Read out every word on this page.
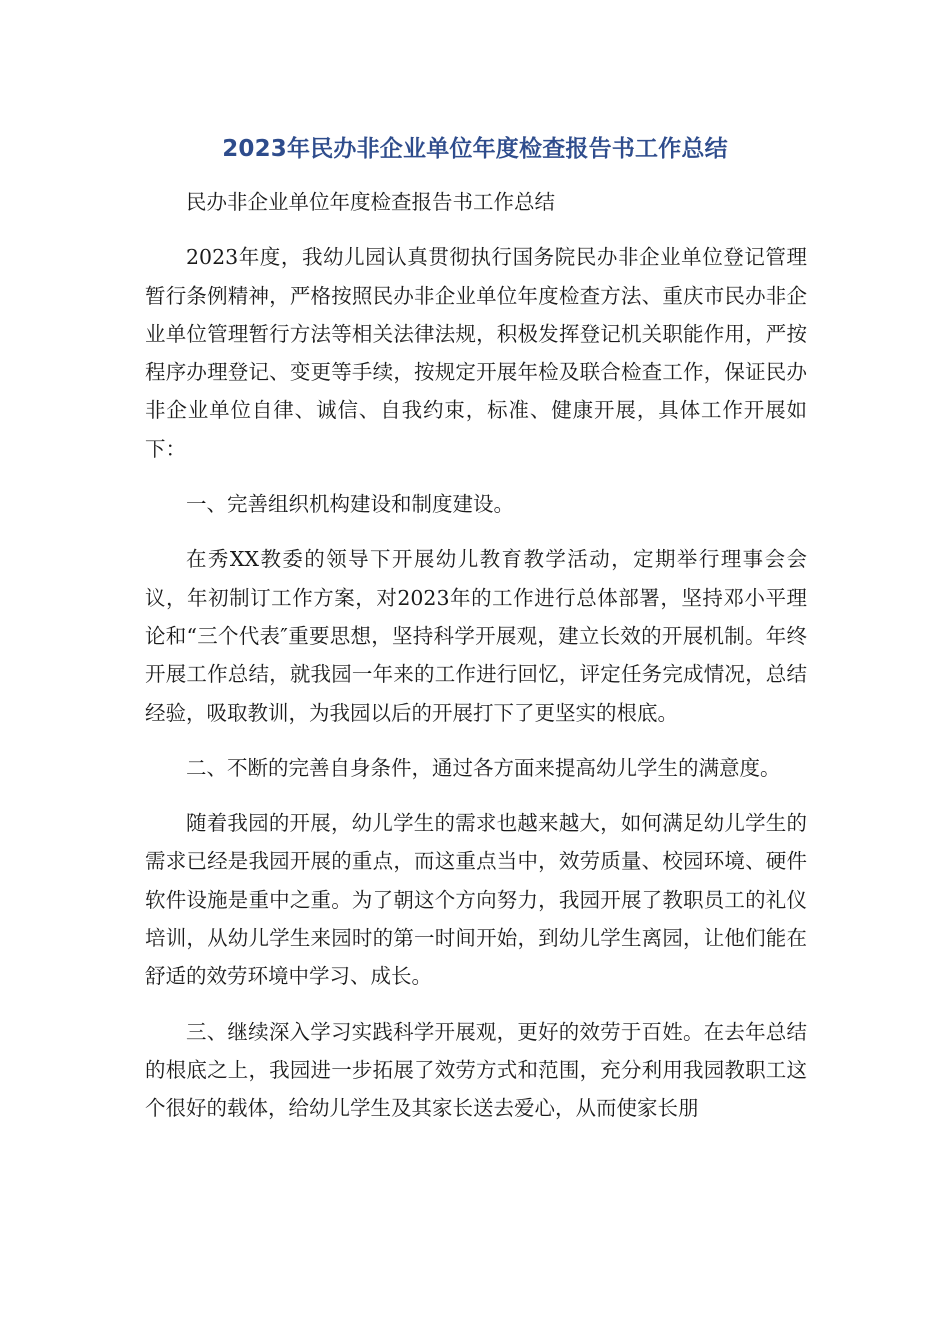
2023年民办非企业单位年度检查报告书工作总结

民办非企业单位年度检查报告书工作总结

2023年度，我幼儿园认真贯彻执行国务院民办非企业单位登记管理暂行条例精神，严格按照民办非企业单位年度检查方法、重庆市民办非企业单位管理暂行方法等相关法律法规，积极发挥登记机关职能作用，严按程序办理登记、变更等手续，按规定开展年检及联合检查工作，保证民办非企业单位自律、诚信、自我约束，标准、健康开展，具体工作开展如下：

一、完善组织机构建设和制度建设。

在秀XX教委的领导下开展幼儿教育教学活动，定期举行理事会会议，年初制订工作方案，对2023年的工作进行总体部署，坚持邓小平理论和“三个代表″重要思想，坚持科学开展观，建立长效的开展机制。年终开展工作总结，就我园一年来的工作进行回忆，评定任务完成情况，总结经验，吸取教训，为我园以后的开展打下了更坚实的根底。

二、不断的完善自身条件，通过各方面来提高幼儿学生的满意度。

随着我园的开展，幼儿学生的需求也越来越大，如何满足幼儿学生的需求已经是我园开展的重点，而这重点当中，效劳质量、校园环境、硬件软件设施是重中之重。为了朝这个方向努力，我园开展了教职员工的礼仪培训，从幼儿学生来园时的第一时间开始，到幼儿学生离园，让他们能在舒适的效劳环境中学习、成长。

三、继续深入学习实践科学开展观，更好的效劳于百姓。在去年总结的根底之上，我园进一步拓展了效劳方式和范围，充分利用我园教职工这个很好的载体，给幼儿学生及其家长送去爱心，从而使家长朋
